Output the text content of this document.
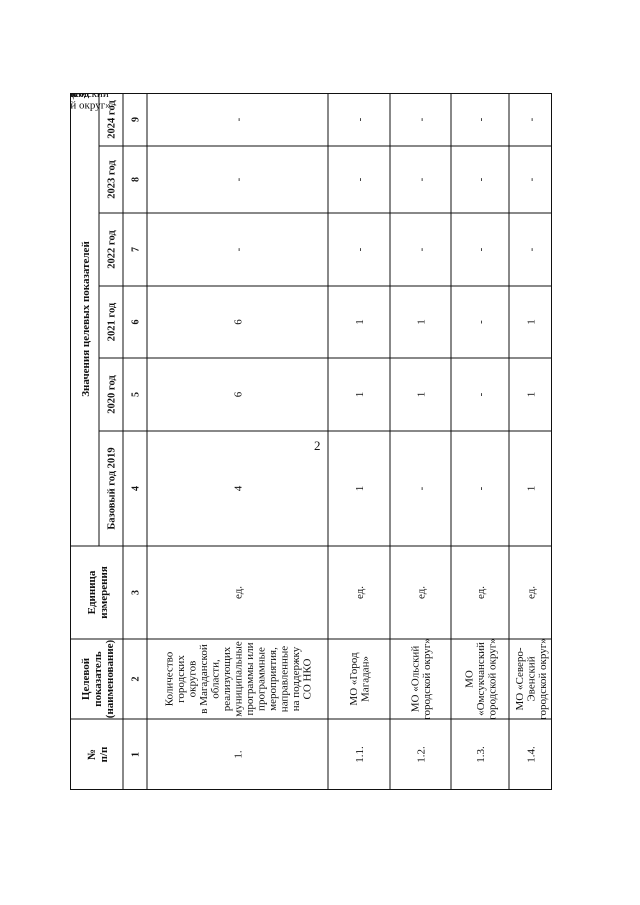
2
№ п/п
Целевой показатель (наименование)
Единица измерения
Значения целевых показателей
Базовый год 2019
2020 год
2021 год
2022 год
2023 год
2024 год
год
1
2
3
4
5
6
7
8
9
0
1.
Количество городских округов в Магаданской области, реализующих муниципальные программы или программные мероприятия, направленные на поддержку СО НКО
ед.
4
6
6
-
-
-
1.1.
МО «Город Магадан»
ед.
1
1
1
-
-
-
1.2.
МО «Ольский городской округ»
ед.
-
1
1
-
-
-
1.3.
МО «Омсукчанский городской округ»
ед.
-
-
-
-
-
-
1.4.
МО «Северо- Эвенский городской округ»
ед.
1
1
1
-
-
-
5.
канский
й округ»
д.
1
1
